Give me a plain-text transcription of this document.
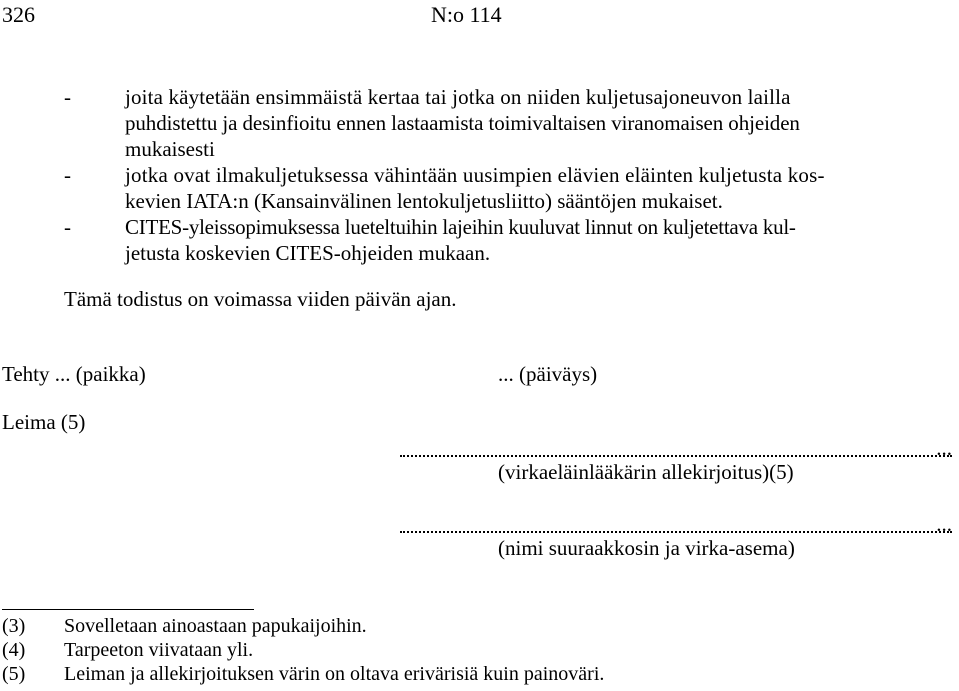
326	N:o 114
-	joita käytetään ensimmäistä kertaa tai jotka on niiden kuljetusajoneuvon lailla
puhdistettu ja desinfioitu ennen lastaamista toimivaltaisen viranomaisen ohjeiden
mukaisesti
-	jotka ovat ilmakuljetuksessa vähintään uusimpien elävien eläinten kuljetusta kos-
kevien IATA:n (Kansainvälinen lentokuljetusliitto) sääntöjen mukaiset.
-	CITES-yleissopimuksessa lueteltuihin lajeihin kuuluvat linnut on kuljetettava kul-
jetusta koskevien CITES-ohjeiden mukaan.
Tämä todistus on voimassa viiden päivän ajan.
Tehty ... (paikka)	... (päiväys)
Leima (5)
...
(virkaeläinlääkärin allekirjoitus)(5)
...
(nimi suuraakkosin ja virka-asema)
(3) Sovelletaan ainoastaan papukaijoihin.
(4) Tarpeeton viivataan yli.
(5) Leiman ja allekirjoituksen värin on oltava erivärisiä kuin painoväri.
